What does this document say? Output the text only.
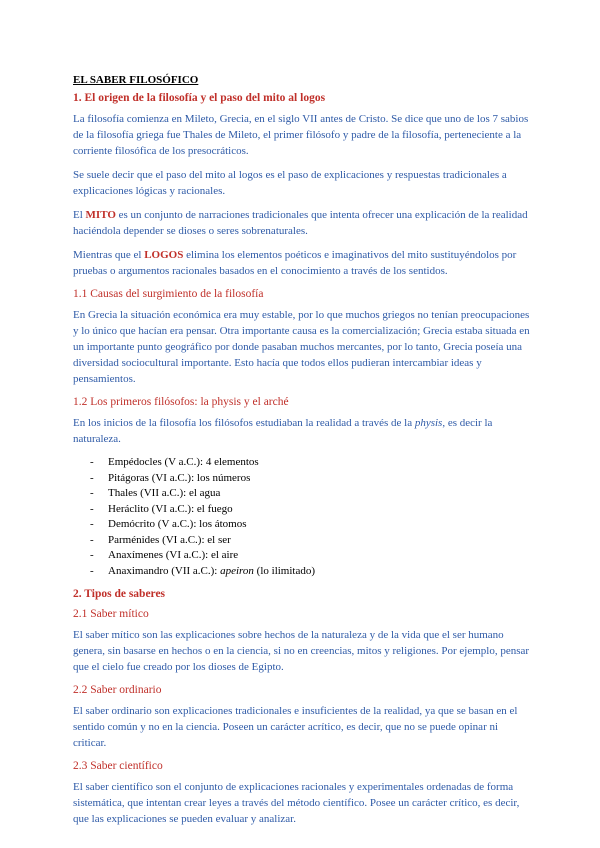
EL SABER FILOSÓFICO
1. El origen de la filosofía y el paso del mito al logos

La filosofía comienza en Mileto, Grecia, en el siglo VII antes de Cristo. Se dice que uno de los 7 sabios de la filosofía griega fue Thales de Mileto, el primer filósofo y padre de la filosofía, perteneciente a la corriente filosófica de los presocráticos.

Se suele decir que el paso del mito al logos es el paso de explicaciones y respuestas tradicionales a explicaciones lógicas y racionales.

El MITO es un conjunto de narraciones tradicionales que intenta ofrecer una explicación de la realidad haciéndola depender se dioses o seres sobrenaturales.

Mientras que el LOGOS elimina los elementos poéticos e imaginativos del mito sustituyéndolos por pruebas o argumentos racionales basados en el conocimiento a través de los sentidos.

1.1 Causas del surgimiento de la filosofía

En Grecia la situación económica era muy estable, por lo que muchos griegos no tenían preocupaciones y lo único que hacían era pensar. Otra importante causa es la comercialización; Grecia estaba situada en un importante punto geográfico por donde pasaban muchos mercantes, por lo tanto, Grecia poseía una diversidad sociocultural importante. Esto hacía que todos ellos pudieran intercambiar ideas y pensamientos.

1.2 Los primeros filósofos: la physis y el arché

En los inicios de la filosofía los filósofos estudiaban la realidad a través de la physis, es decir la naturaleza.

- Empédocles (V a.C.): 4 elementos
- Pitágoras (VI a.C.): los números
- Thales (VII a.C.): el agua
- Heráclito (VI a.C.): el fuego
- Demócrito (V a.C.): los átomos
- Parménides (VI a.C.): el ser
- Anaxímenes (VI a.C.): el aire
- Anaximandro (VII a.C.): apeiron (lo ilimitado)
2. Tipos de saberes
2.1 Saber mítico

El saber mítico son las explicaciones sobre hechos de la naturaleza y de la vida que el ser humano genera, sin basarse en hechos o en la ciencia, si no en creencias, mitos y religiones. Por ejemplo, pensar que el cielo fue creado por los dioses de Egipto.

2.2 Saber ordinario

El saber ordinario son explicaciones tradicionales e insuficientes de la realidad, ya que se basan en el sentido común y no en la ciencia. Poseen un carácter acrítico, es decir, que no se puede opinar ni criticar.

2.3 Saber científico

El saber científico son el conjunto de explicaciones racionales y experimentales ordenadas de forma sistemática, que intentan crear leyes a través del método científico. Posee un carácter crítico, es decir, que las explicaciones se pueden evaluar y analizar.
